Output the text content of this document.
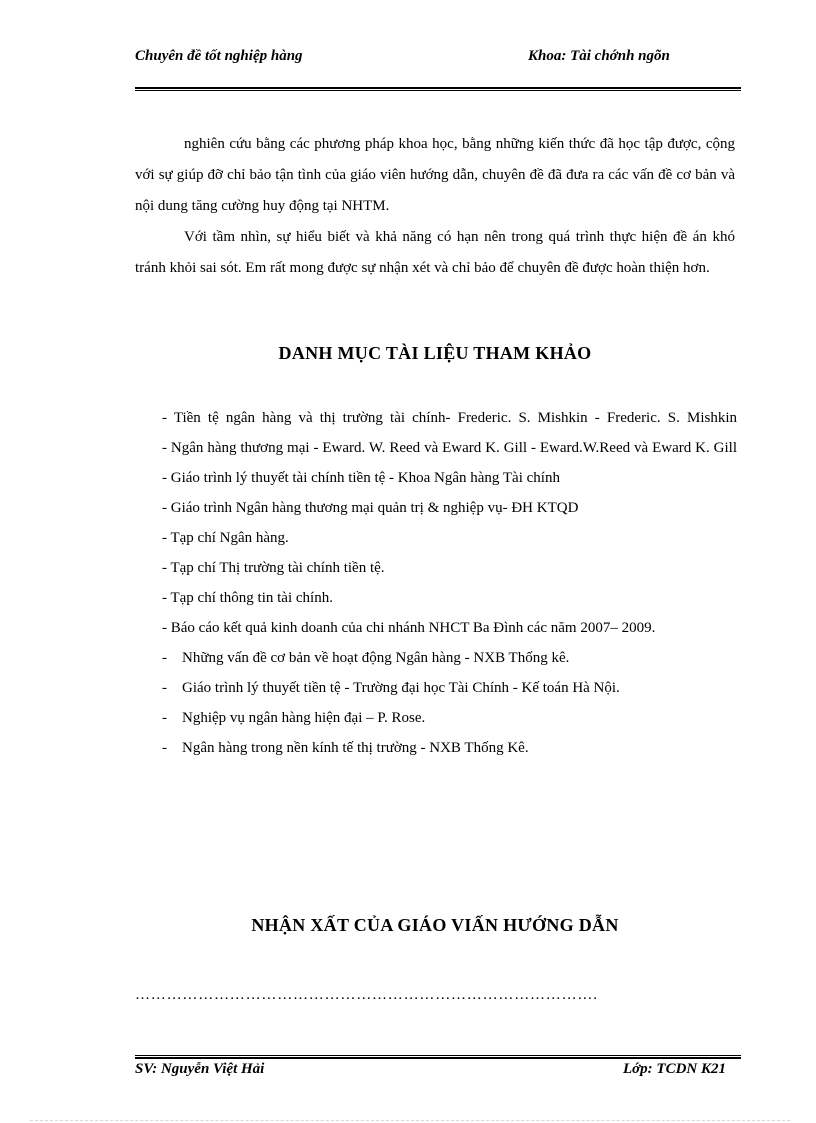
Chuyên đề tốt nghiệp hàng	Khoa: Tài chớnh ngõn

nghiên cứu bằng các phương pháp khoa học, bằng những kiến thức đã học tập được, cộng với sự giúp đỡ chỉ bảo tận tình của giáo viên hướng dẫn, chuyên đề đã đưa ra các vấn đề cơ bản và nội dung tăng cường huy động tại NHTM.

Với tầm nhìn, sự hiểu biết và khả năng có hạn nên trong quá trình thực hiện đề án khó tránh khỏi sai sót. Em rất mong được sự nhận xét và chỉ bảo để chuyên đề được hoàn thiện hơn.

DANH MỤC TÀI LIỆU THAM KHẢO

- Tiền tệ ngân hàng và thị trường tài chính- Frederic. S. Mishkin - Frederic. S. Mishkin

- Ngân hàng thương mại - Eward. W. Reed và Eward K. Gill - Eward.W.Reed và Eward K. Gill

- Giáo trình lý thuyết tài chính tiền tệ - Khoa Ngân hàng Tài chính

- Giáo trình Ngân hàng thương mại quản trị & nghiệp vụ- ĐH KTQD

- Tạp chí Ngân hàng.

- Tạp chí Thị trường tài chính tiền tệ.

- Tạp chí thông tin tài chính.

- Báo cáo kết quả kinh doanh của chi nhánh NHCT Ba Đình các năm 2007– 2009.

- Những vấn đề cơ bản về hoạt động Ngân hàng - NXB Thống kê.

- Giáo trình lý thuyết tiền tệ - Trường đại học Tài Chính - Kế toán Hà Nội.

- Nghiệp vụ ngân hàng hiện đại – P. Rose.

- Ngân hàng trong nền kính tế thị trường - NXB Thống Kê.

NHẬN XẤT CỦA GIÁO VIẤN HƯỚNG DẪN
…………………………………………………………………………….
SV: Nguyễn Việt Hải	Lớp: TCDN K21
